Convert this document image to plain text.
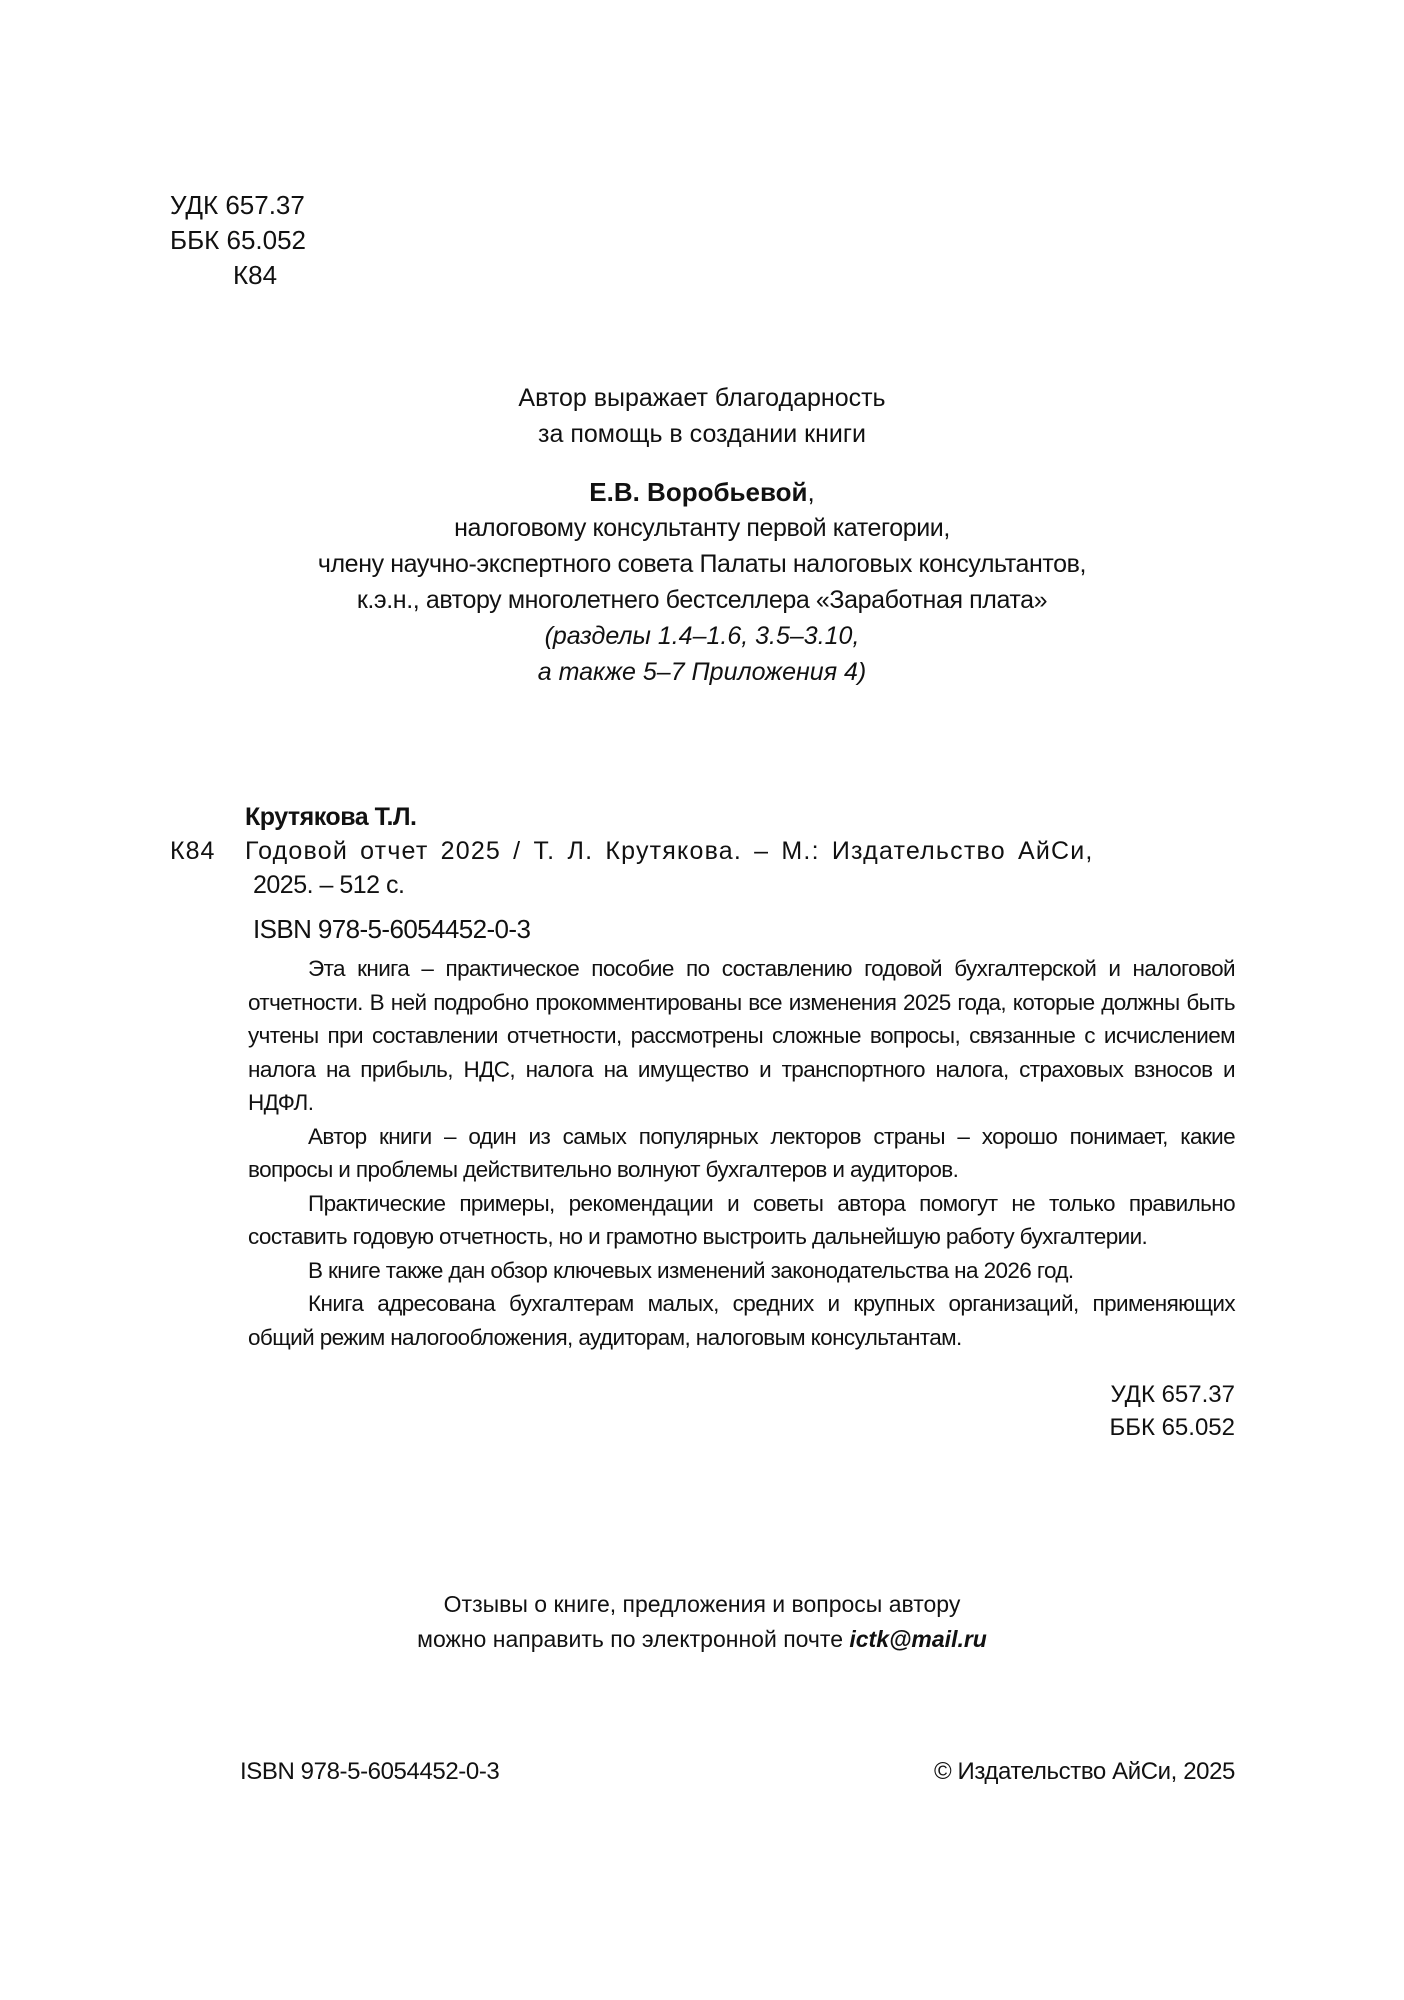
УДК 657.37
ББК 65.052
К84
Автор выражает благодарность
за помощь в создании книги
Е.В. Воробьевой,
налоговому консультанту первой категории,
члену научно-экспертного совета Палаты налоговых консультантов,
к.э.н., автору многолетнего бестселлера «Заработная плата»
(разделы 1.4–1.6, 3.5–3.10,
а также 5–7 Приложения 4)
Крутякова Т.Л.
К84	Годовой отчет 2025 / Т. Л. Крутякова. – М.: Издательство АйСи,
2025. – 512 с.
ISBN 978-5-6054452-0-3

Эта книга – практическое пособие по составлению годовой бухгалтерской и налоговой отчетности. В ней подробно прокомментированы все изменения 2025 года, которые должны быть учтены при составлении отчетности, рассмотрены сложные вопросы, связанные с исчислением налога на прибыль, НДС, налога на имущество и транспортного налога, страховых взносов и НДФЛ.

Автор книги – один из самых популярных лекторов страны – хорошо понимает, какие вопросы и проблемы действительно волнуют бухгалтеров и аудиторов.

Практические примеры, рекомендации и советы автора помогут не только правильно составить годовую отчетность, но и грамотно выстроить дальнейшую работу бухгалтерии.

В книге также дан обзор ключевых изменений законодательства на 2026 год.

Книга адресована бухгалтерам малых, средних и крупных организаций, применяющих общий режим налогообложения, аудиторам, налоговым консультантам.

УДК 657.37
ББК 65.052
Отзывы о книге, предложения и вопросы автору
можно направить по электронной почте ictk@mail.ru
ISBN 978-5-6054452-0-3	© Издательство АйСи, 2025
